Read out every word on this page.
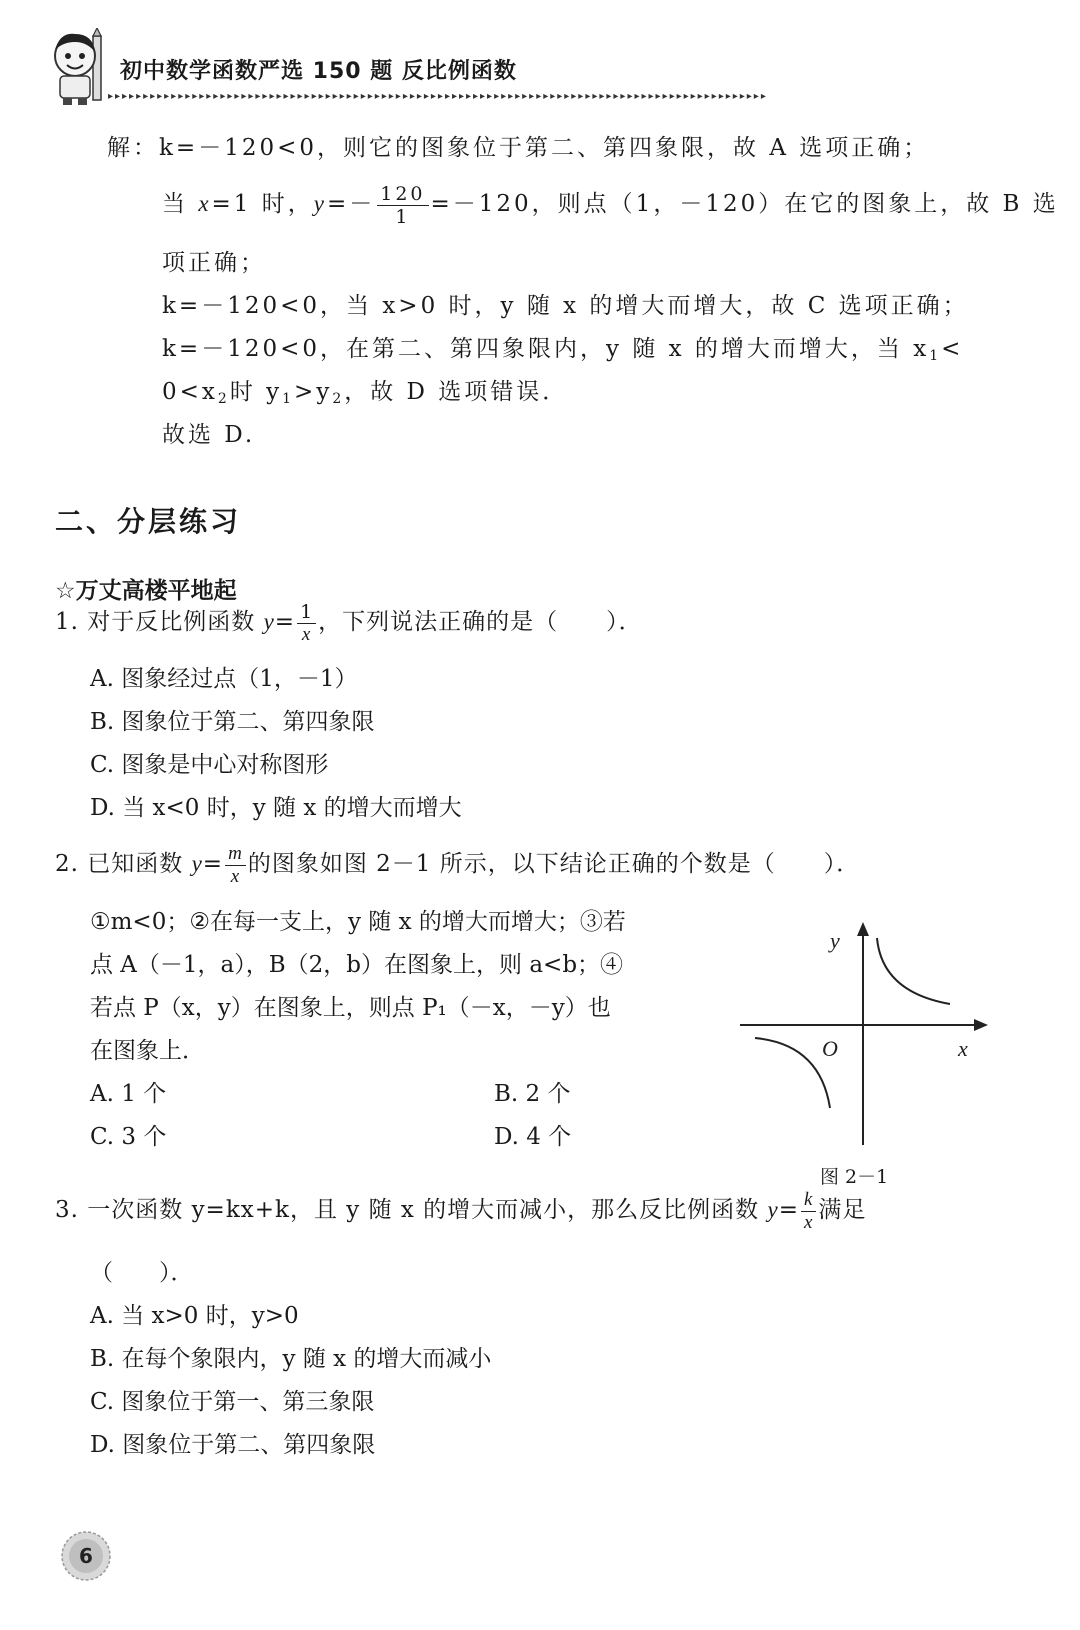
初中数学函数严选 150 题 反比例函数
▸▸▸▸▸▸▸▸▸▸▸▸▸▸▸▸▸▸▸▸▸▸▸▸▸▸▸▸▸▸▸▸▸▸▸▸▸▸▸▸▸▸▸▸▸▸▸▸▸▸▸▸▸▸▸▸▸▸▸▸▸▸▸▸▸▸▸▸▸▸▸▸▸▸▸▸▸▸▸▸▸▸▸▸▸▸▸▸▸▸▸▸▸▸
解：k=－120<0，则它的图象位于第二、第四象限，故 A 选项正确；
当 x=1 时，$y=- \frac{120}{1} =-120$，则点（1，－120）在它的图象上，故 B 选
项正确；
k=－120<0，当 x>0 时，y 随 x 的增大而增大，故 C 选项正确；
k=－120<0，在第二、第四象限内，y 随 x 的增大而增大，当 $x_1<$
$0<x_2$时 $y_1>y_2$，故 D 选项错误．
故选 D.
二、分层练习
☆万丈高楼平地起
1. 对于反比例函数 $y= \frac{1}{x}$ ，下列说法正确的是（　　）．
A. 图象经过点（1，－1）
B. 图象位于第二、第四象限
C. 图象是中心对称图形
D. 当 x<0 时，y 随 x 的增大而增大
2. 已知函数 $y= \frac{m}{x}$ 的图象如图 2－1 所示，以下结论正确的个数是（　　）．
①m<0；②在每一支上，y 随 x 的增大而增大；③若
点 A（－1，a），B（2，b）在图象上，则 a<b；④
若点 P（x，y）在图象上，则点 P₁（－x，－y）也
在图象上．
A. 1 个	B. 2 个
C. 3 个	D. 4 个
y
x
O
图 2－1
3. 一次函数 y=kx+k，且 y 随 x 的增大而减小，那么反比例函数 $y= \frac{k}{x}$ 满足
（　　）．
A. 当 x>0 时，y>0
B. 在每个象限内，y 随 x 的增大而减小
C. 图象位于第一、第三象限
D. 图象位于第二、第四象限
6
